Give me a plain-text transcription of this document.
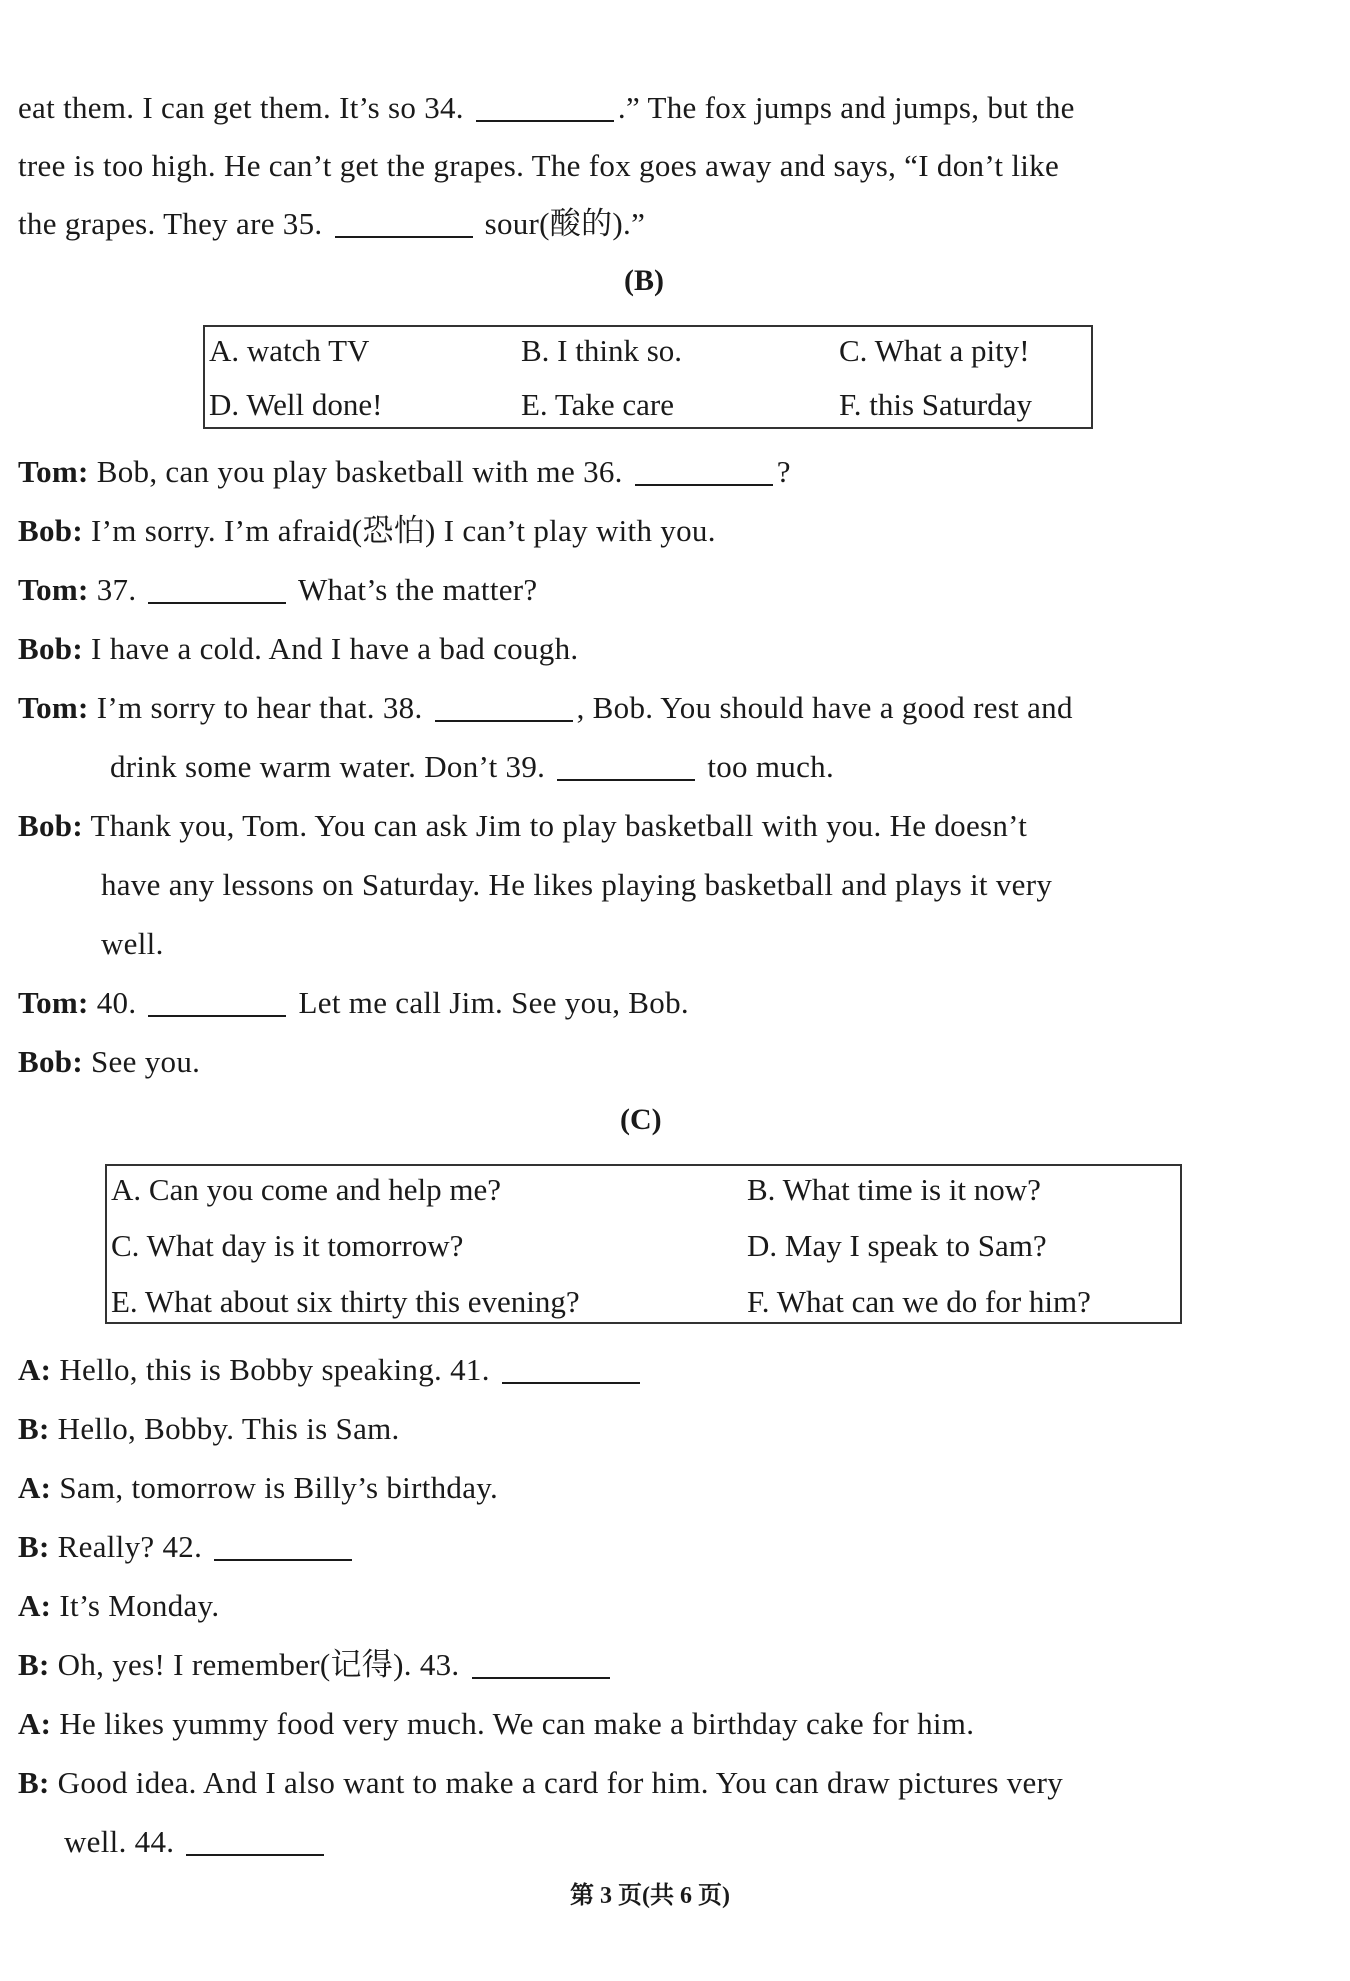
eat them. I can get them. It’s so 34.	.” The fox jumps and jumps, but the
tree is too high. He can’t get the grapes. The fox goes away and says, “I don’t like
the grapes. They are 35.	sour(酸的).”
(B)
A. watch TV	B. I think so.	C. What a pity!
D. Well done!	E. Take care	F. this Saturday
Tom: Bob, can you play basketball with me 36.	?
Bob: I’m sorry. I’m afraid(恐怕) I can’t play with you.
Tom: 37.	What’s the matter?
Bob: I have a cold. And I have a bad cough.
Tom: I’m sorry to hear that. 38.	, Bob. You should have a good rest and
drink some warm water. Don’t 39.	too much.
Bob: Thank you, Tom. You can ask Jim to play basketball with you. He doesn’t
have any lessons on Saturday. He likes playing basketball and plays it very
well.
Tom: 40.	Let me call Jim. See you, Bob.
Bob: See you.
(C)
A. Can you come and help me?	B. What time is it now?
C. What day is it tomorrow?	D. May I speak to Sam?
E. What about six thirty this evening?	F. What can we do for him?
A: Hello, this is Bobby speaking. 41.
B: Hello, Bobby. This is Sam.
A: Sam, tomorrow is Billy’s birthday.
B: Really? 42.
A: It’s Monday.
B: Oh, yes! I remember(记得). 43.
A: He likes yummy food very much. We can make a birthday cake for him.
B: Good idea. And I also want to make a card for him. You can draw pictures very
well. 44.
第 3 页(共 6 页)
